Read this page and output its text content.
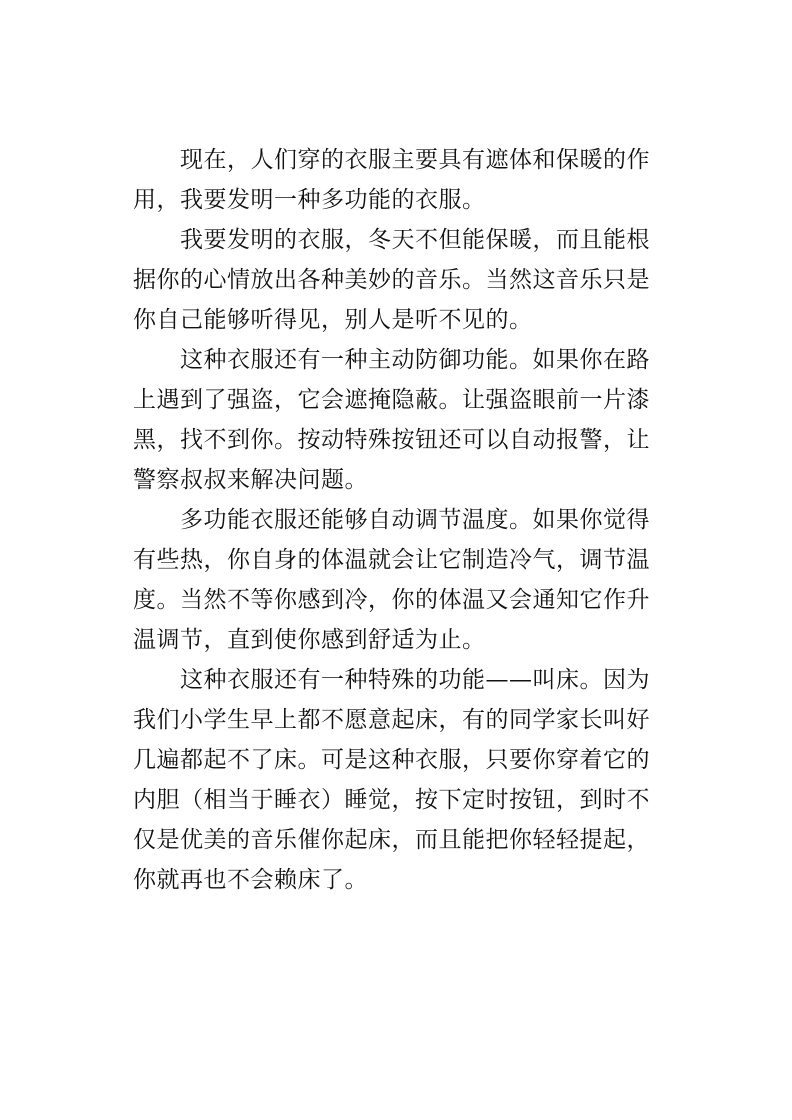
现在，人们穿的衣服主要具有遮体和保暖的作
用，我要发明一种多功能的衣服。
我要发明的衣服，冬天不但能保暖，而且能根
据你的心情放出各种美妙的音乐。当然这音乐只是
你自己能够听得见，别人是听不见的。
这种衣服还有一种主动防御功能。如果你在路
上遇到了强盗，它会遮掩隐蔽。让强盗眼前一片漆
黑，找不到你。按动特殊按钮还可以自动报警，让
警察叔叔来解决问题。
多功能衣服还能够自动调节温度。如果你觉得
有些热，你自身的体温就会让它制造冷气，调节温
度。当然不等你感到冷，你的体温又会通知它作升
温调节，直到使你感到舒适为止。
这种衣服还有一种特殊的功能——叫床。因为
我们小学生早上都不愿意起床，有的同学家长叫好
几遍都起不了床。可是这种衣服，只要你穿着它的
内胆（相当于睡衣）睡觉，按下定时按钮，到时不
仅是优美的音乐催你起床，而且能把你轻轻提起，
你就再也不会赖床了。
